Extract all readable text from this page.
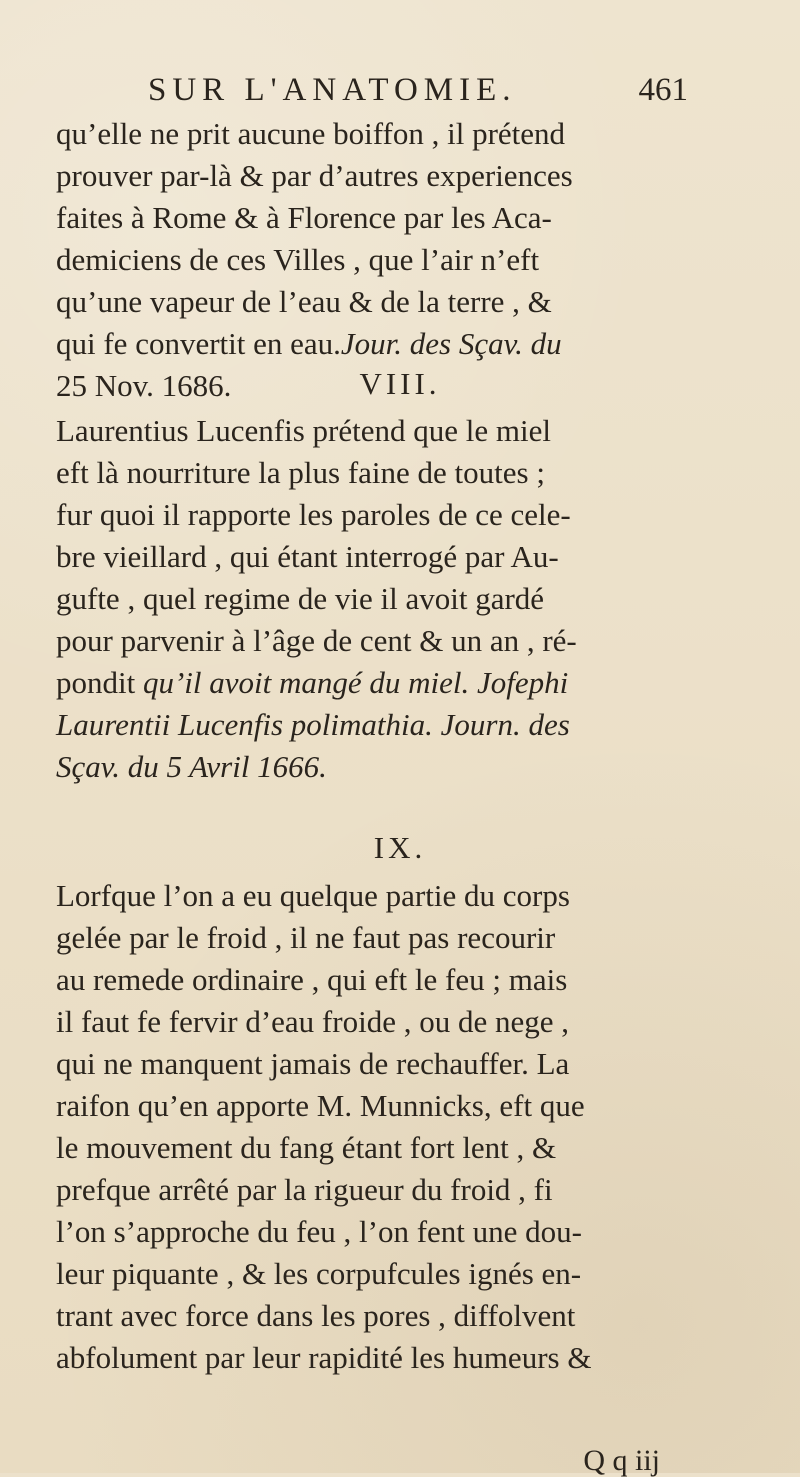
SUR L'ANATOMIE.	461
qu’elle ne prit aucune boiffon , il prétend
prouver par-là & par d’autres experiences
faites à Rome & à Florence par les Aca-
demiciens de ces Villes , que l’air n’eft
qu’une vapeur de l’eau & de la terre , &
qui fe convertit en eau.Jour. des Sçav. du
25 Nov. 1686.	VIII.
Laurentius Lucenfis prétend que le miel
eft là nourriture la plus faine de toutes ;
fur quoi il rapporte les paroles de ce cele-
bre vieillard , qui étant interrogé par Au-
gufte , quel regime de vie il avoit gardé
pour parvenir à l’âge de cent & un an , ré-
pondit qu’il avoit mangé du miel. Jofephi
Laurentii Lucenfis polimathia. Journ. des
Sçav. du 5 Avril 1666.
IX.
Lorfque l’on a eu quelque partie du corps
gelée par le froid , il ne faut pas recourir
au remede ordinaire , qui eft le feu ; mais
il faut fe fervir d’eau froide , ou de nege ,
qui ne manquent jamais de rechauffer. La
raifon qu’en apporte M. Munnicks, eft que
le mouvement du fang étant fort lent , &
prefque arrêté par la rigueur du froid , fi
l’on s’approche du feu , l’on fent une dou-
leur piquante , & les corpufcules ignés en-
trant avec force dans les pores , diffolvent
abfolument par leur rapidité les humeurs &
Q q iij
